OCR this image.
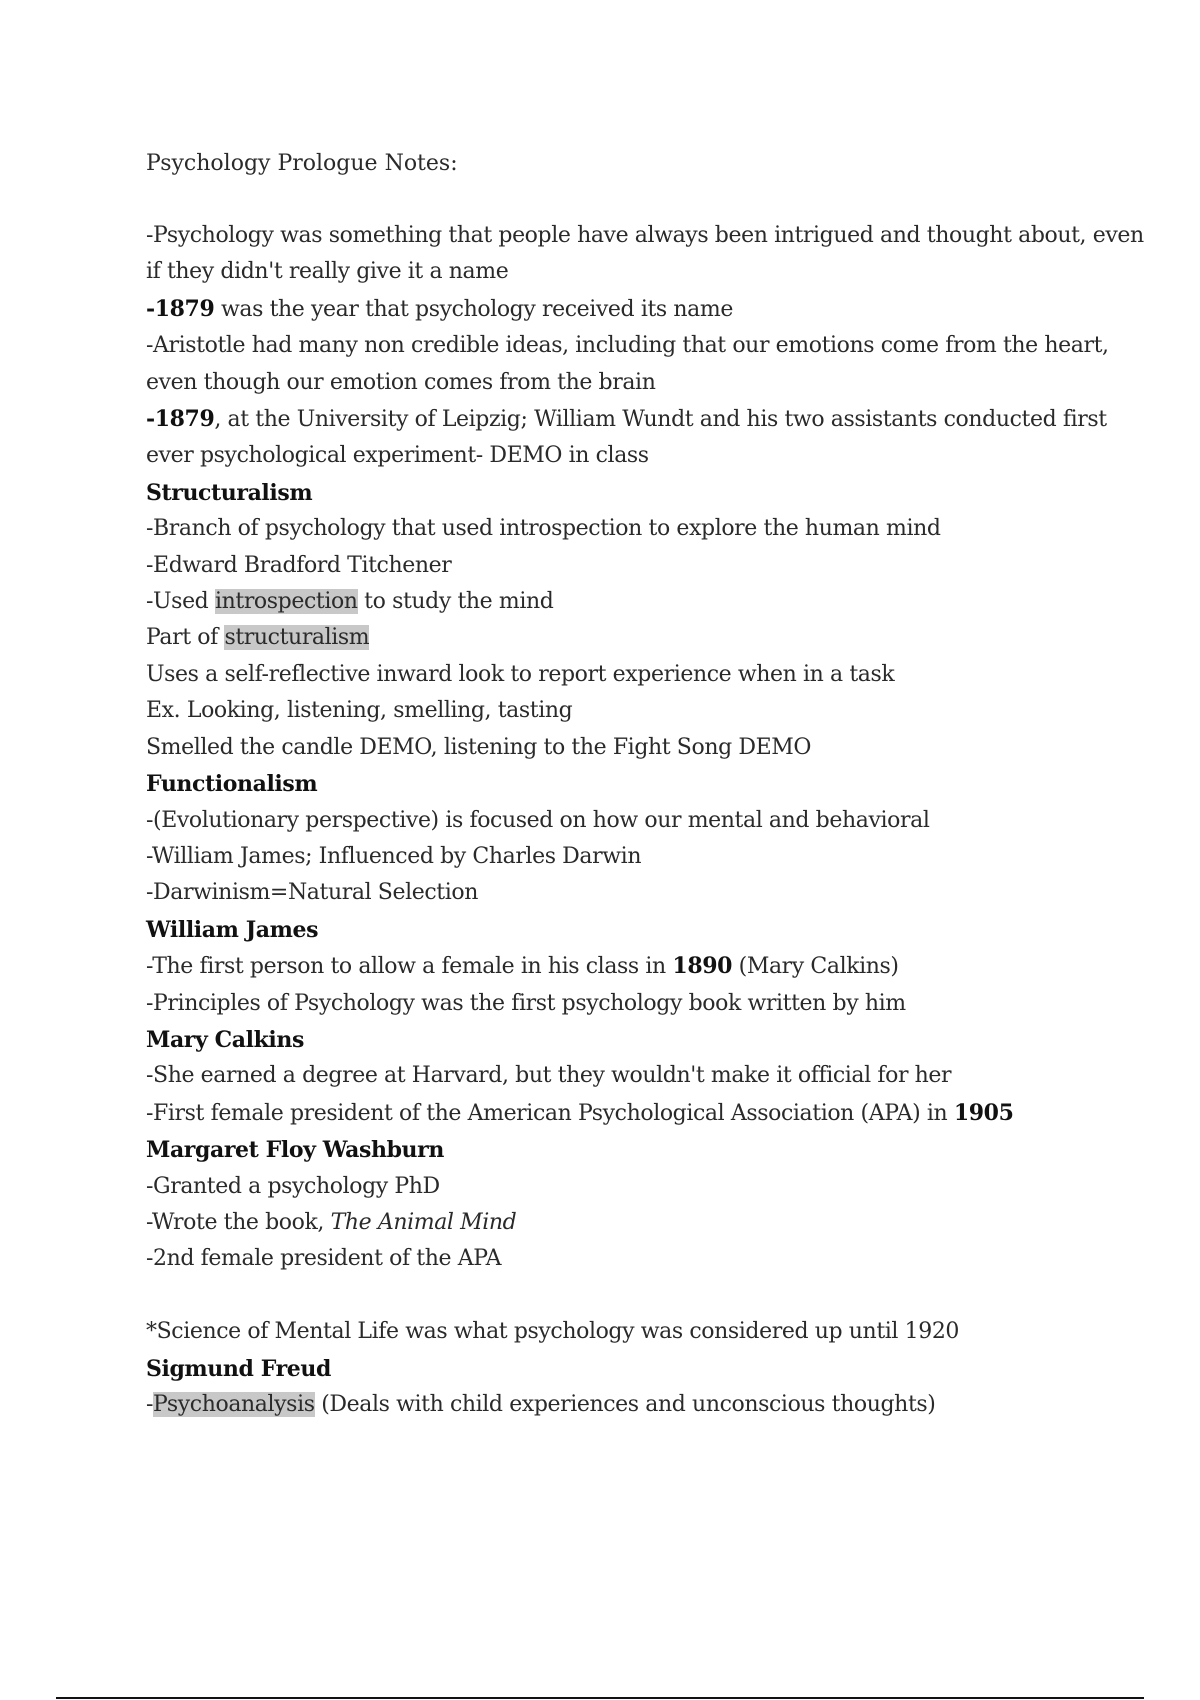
Psychology Prologue Notes:
-Psychology was something that people have always been intrigued and thought about, even
if they didn't really give it a name
-1879 was the year that psychology received its name
-Aristotle had many non credible ideas, including that our emotions come from the heart,
even though our emotion comes from the brain
-1879, at the University of Leipzig; William Wundt and his two assistants conducted first
ever psychological experiment- DEMO in class
Structuralism
-Branch of psychology that used introspection to explore the human mind
-Edward Bradford Titchener
-Used introspection to study the mind
Part of structuralism
Uses a self-reflective inward look to report experience when in a task
Ex. Looking, listening, smelling, tasting
Smelled the candle DEMO, listening to the Fight Song DEMO
Functionalism
-(Evolutionary perspective) is focused on how our mental and behavioral
-William James; Influenced by Charles Darwin
-Darwinism=Natural Selection
William James
-The first person to allow a female in his class in 1890 (Mary Calkins)
-Principles of Psychology was the first psychology book written by him
Mary Calkins
-She earned a degree at Harvard, but they wouldn't make it official for her
-First female president of the American Psychological Association (APA) in 1905
Margaret Floy Washburn
-Granted a psychology PhD
-Wrote the book, The Animal Mind
-2nd female president of the APA
*Science of Mental Life was what psychology was considered up until 1920
Sigmund Freud
-Psychoanalysis (Deals with child experiences and unconscious thoughts)
